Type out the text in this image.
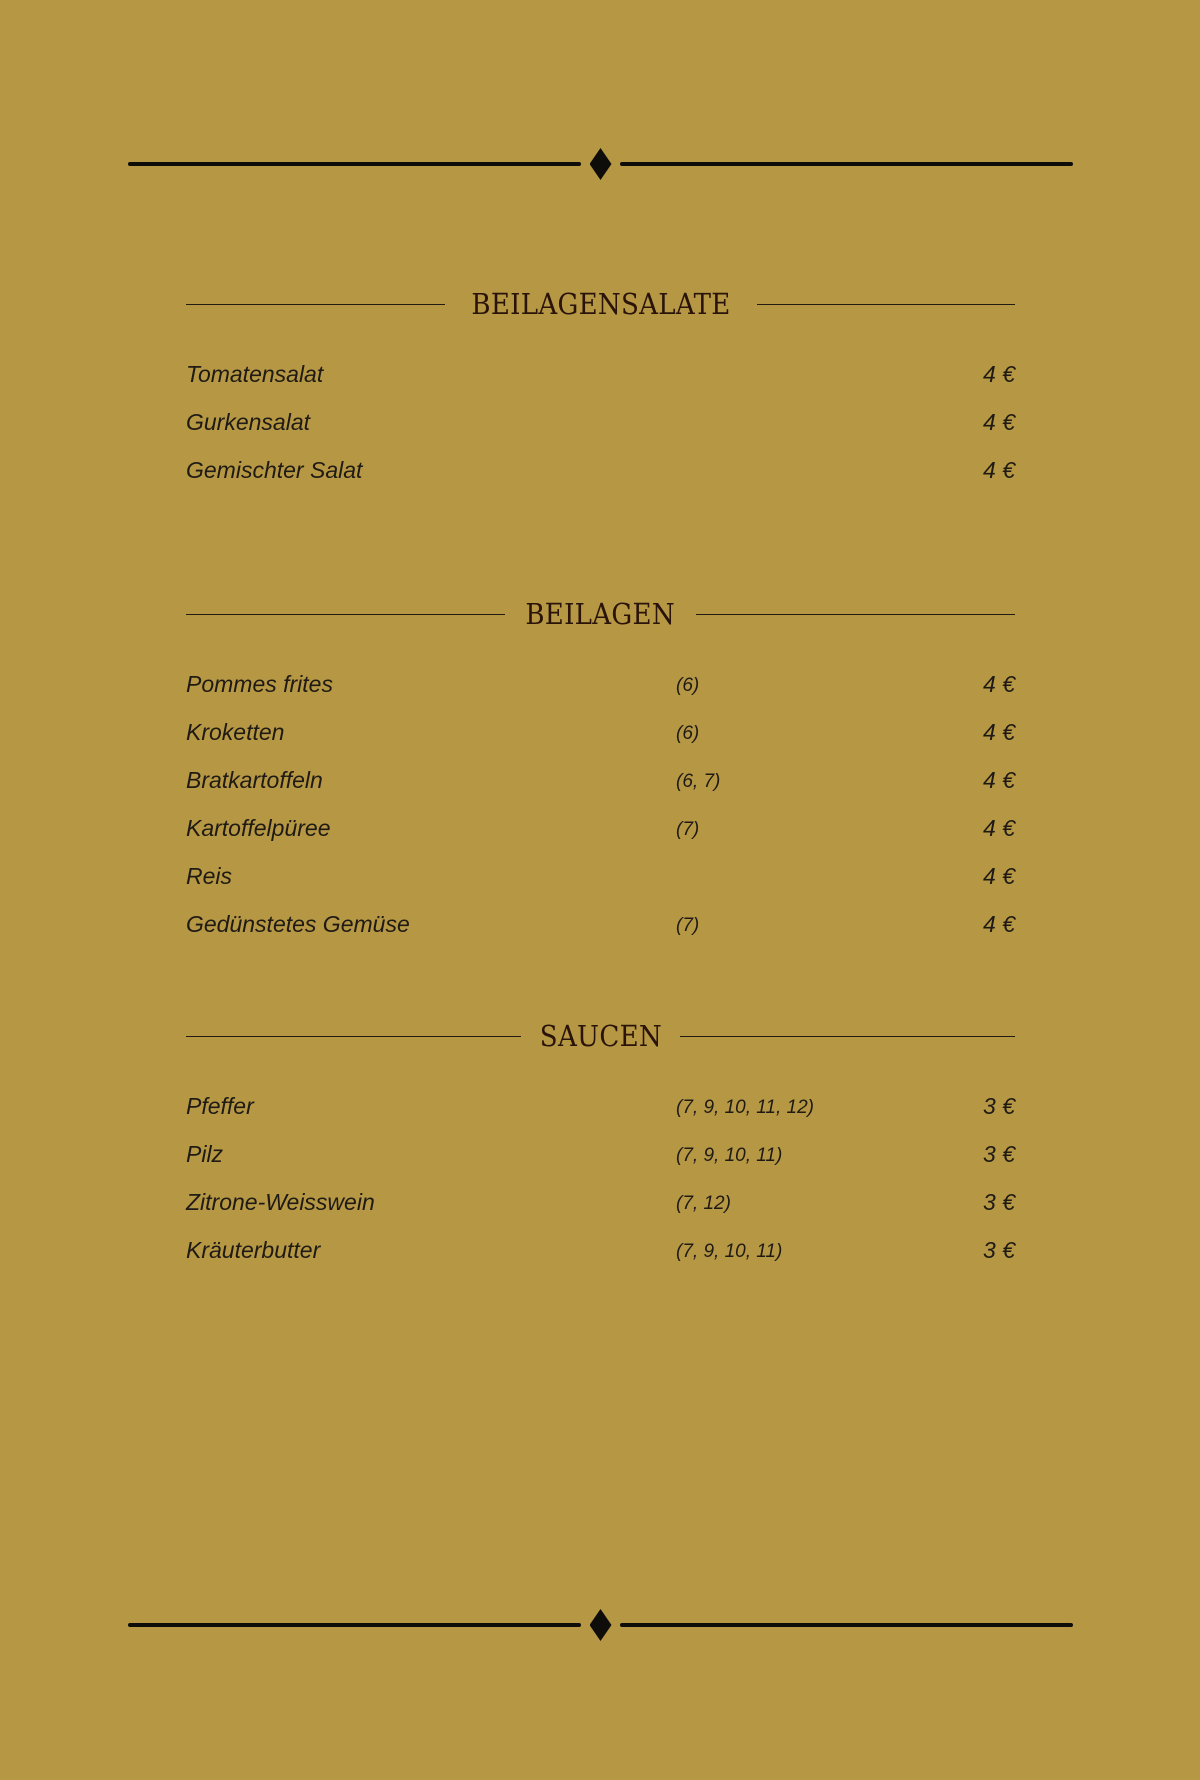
BEILAGENSALATE
Tomatensalat	4 €
Gurkensalat	4 €
Gemischter Salat	4 €
BEILAGEN
Pommes frites	(6)	4 €
Kroketten	(6)	4 €
Bratkartoffeln	(6, 7)	4 €
Kartoffelpüree	(7)	4 €
Reis	4 €
Gedünstetes Gemüse	(7)	4 €
SAUCEN
Pfeffer	(7, 9, 10, 11, 12)	3 €
Pilz	(7, 9, 10, 11)	3 €
Zitrone-Weisswein	(7, 12)	3 €
Kräuterbutter	(7, 9, 10, 11)	3 €
